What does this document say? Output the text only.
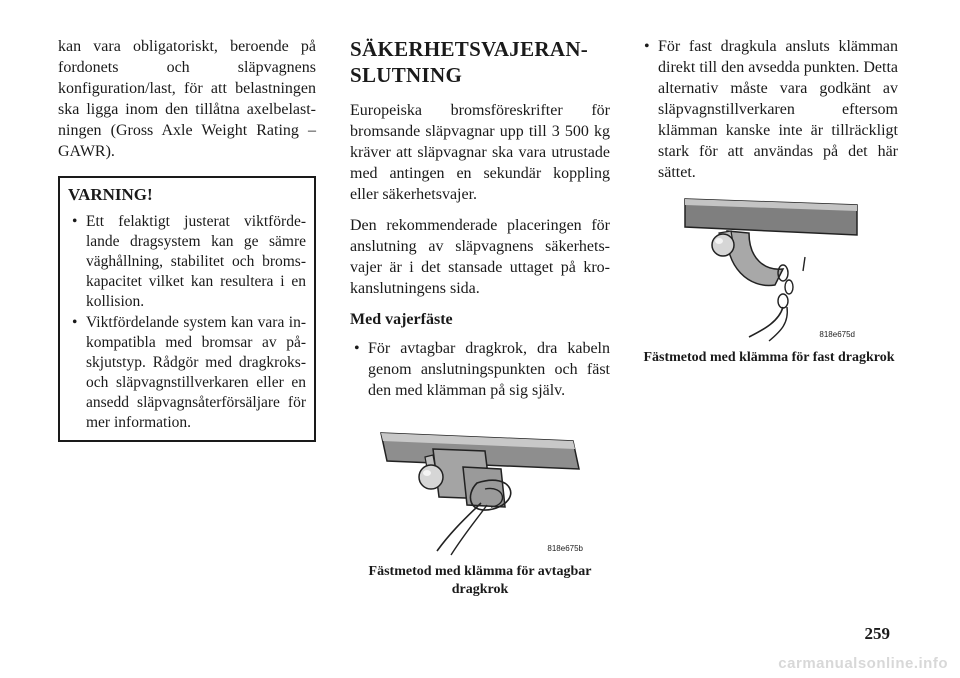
kan vara obligatoriskt, beroende på fordonets och släpvagnens konfiguration/last, för att belastningen ska ligga inom den tillåtna axelbelast-ningen (Gross Axle Weight Rating – GAWR).

VARNING!
• Ett felaktigt justerat viktförde-lande dragsystem kan ge sämre väghållning, stabilitet och broms-kapacitet vilket kan resultera i en kollision.
• Viktfördelande system kan vara in-kompatibla med bromsar av på-skjutstyp. Rådgör med dragkroks- och släpvagnstillverkaren eller en ansedd släpvagnsåterförsäljare för mer information.
SÄKERHETSVAJERAN-SLUTNING

Europeiska bromsföreskrifter för bromsande släpvagnar upp till 3 500 kg kräver att släpvagnar ska vara utrustade med antingen en sekundär koppling eller säkerhetsvajer.

Den rekommenderade placeringen för anslutning av släpvagnens säkerhets-vajer är i det stansade uttaget på kro-kanslutningens sida.

Med vajerfäste
• För avtagbar dragkrok, dra kabeln genom anslutningspunkten och fäst den med klämman på sig själv.
818e675b
Fästmetod med klämma för avtagbar dragkrok
• För fast dragkula ansluts klämman direkt till den avsedda punkten. Detta alternativ måste vara godkänt av släpvagnstillverkaren eftersom klämman kanske inte är tillräckligt stark för att användas på det här sättet.
818e675d
Fästmetod med klämma för fast dragkrok
259
carmanualsonline.info
